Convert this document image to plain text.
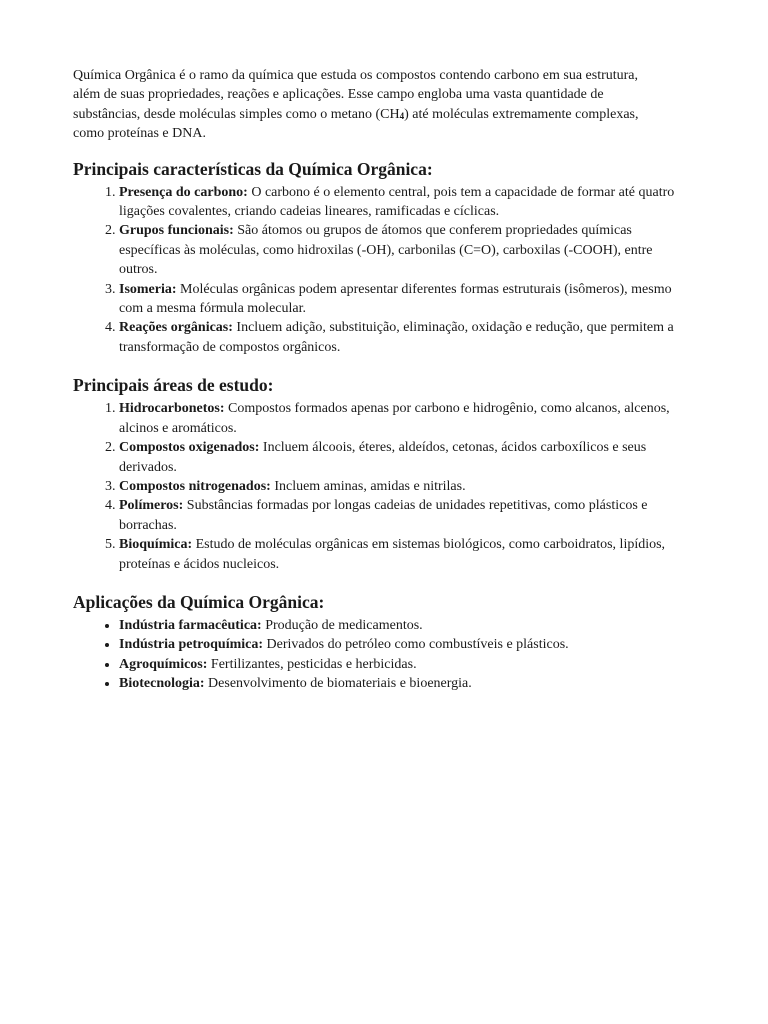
Química Orgânica é o ramo da química que estuda os compostos contendo carbono em sua estrutura, além de suas propriedades, reações e aplicações. Esse campo engloba uma vasta quantidade de substâncias, desde moléculas simples como o metano $(CH_4)$ até moléculas extremamente complexas, como proteínas e DNA.

Principais características da Química Orgânica:
1. Presença do carbono: O carbono é o elemento central, pois tem a capacidade de formar até quatro ligações covalentes, criando cadeias lineares, ramificadas e cíclicas.
2. Grupos funcionais: São átomos ou grupos de átomos que conferem propriedades químicas específicas às moléculas, como hidroxilas (-OH), carbonilas (C=O), carboxilas (-COOH), entre outros.
3. Isomeria: Moléculas orgânicas podem apresentar diferentes formas estruturais (isômeros), mesmo com a mesma fórmula molecular.
4. Reações orgânicas: Incluem adição, substituição, eliminação, oxidação e redução, que permitem a transformação de compostos orgânicos.
Principais áreas de estudo:
1. Hidrocarbonetos: Compostos formados apenas por carbono e hidrogênio, como alcanos, alcenos, alcinos e aromáticos.
2. Compostos oxigenados: Incluem álcoois, éteres, aldeídos, cetonas, ácidos carboxílicos e seus derivados.
3. Compostos nitrogenados: Incluem aminas, amidas e nitrilas.
4. Polímeros: Substâncias formadas por longas cadeias de unidades repetitivas, como plásticos e borrachas.
5. Bioquímica: Estudo de moléculas orgânicas em sistemas biológicos, como carboidratos, lipídios, proteínas e ácidos nucleicos.
Aplicações da Química Orgânica:
• Indústria farmacêutica: Produção de medicamentos.
• Indústria petroquímica: Derivados do petróleo como combustíveis e plásticos.
• Agroquímicos: Fertilizantes, pesticidas e herbicidas.
• Biotecnologia: Desenvolvimento de biomateriais e bioenergia.
